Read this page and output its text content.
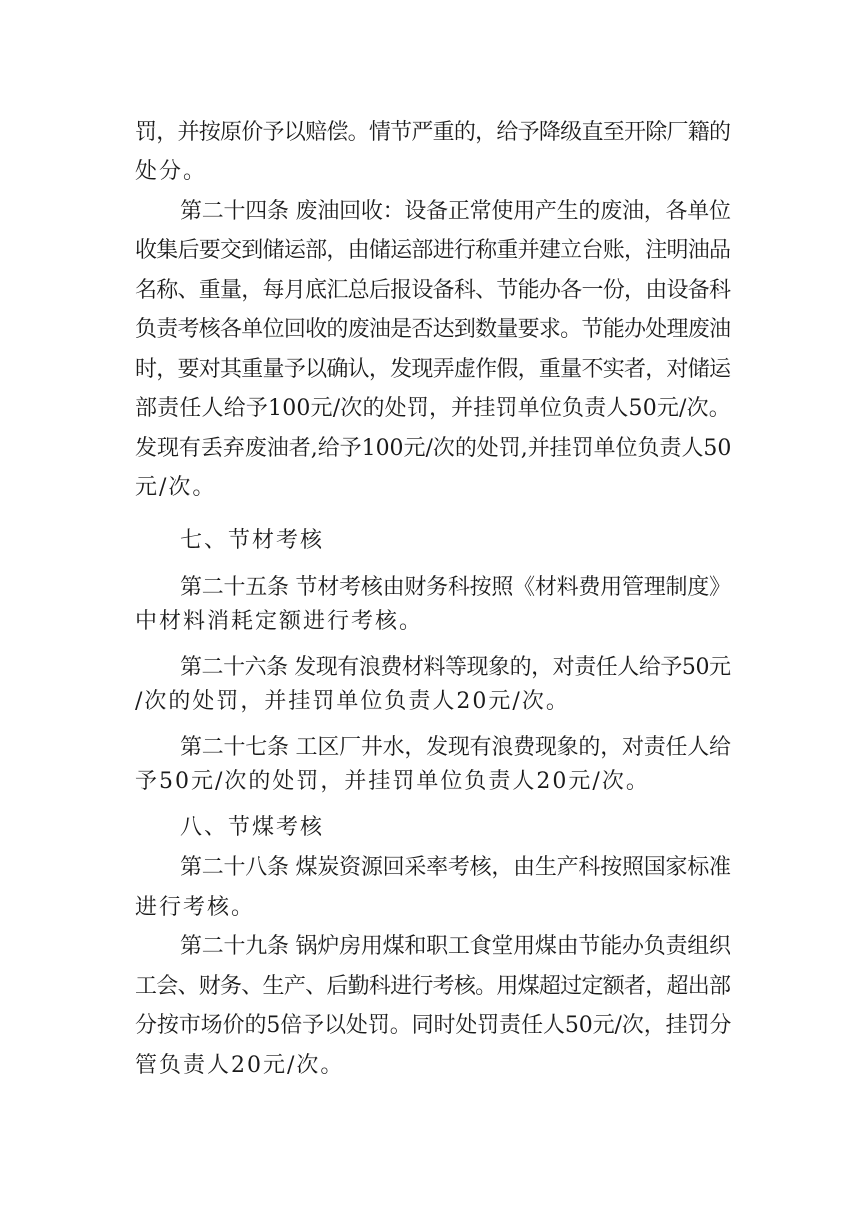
罚，并按原价予以赔偿。情节严重的，给予降级直至开除厂籍的
处分。
第二十四条 废油回收：设备正常使用产生的废油，各单位
收集后要交到储运部，由储运部进行称重并建立台账，注明油品
名称、重量，每月底汇总后报设备科、节能办各一份，由设备科
负责考核各单位回收的废油是否达到数量要求。节能办处理废油
时，要对其重量予以确认，发现弄虚作假，重量不实者，对储运
部责任人给予100元/次的处罚，并挂罚单位负责人50元/次。
发现有丢弃废油者,给予100元/次的处罚,并挂罚单位负责人50
元/次。
七、节材考核
第二十五条 节材考核由财务科按照《材料费用管理制度》
中材料消耗定额进行考核。
第二十六条 发现有浪费材料等现象的，对责任人给予50元
/次的处罚，并挂罚单位负责人20元/次。
第二十七条 工区厂井水，发现有浪费现象的，对责任人给
予50元/次的处罚，并挂罚单位负责人20元/次。
八、节煤考核
第二十八条 煤炭资源回采率考核，由生产科按照国家标准
进行考核。
第二十九条 锅炉房用煤和职工食堂用煤由节能办负责组织
工会、财务、生产、后勤科进行考核。用煤超过定额者，超出部
分按市场价的5倍予以处罚。同时处罚责任人50元/次，挂罚分
管负责人20元/次。
